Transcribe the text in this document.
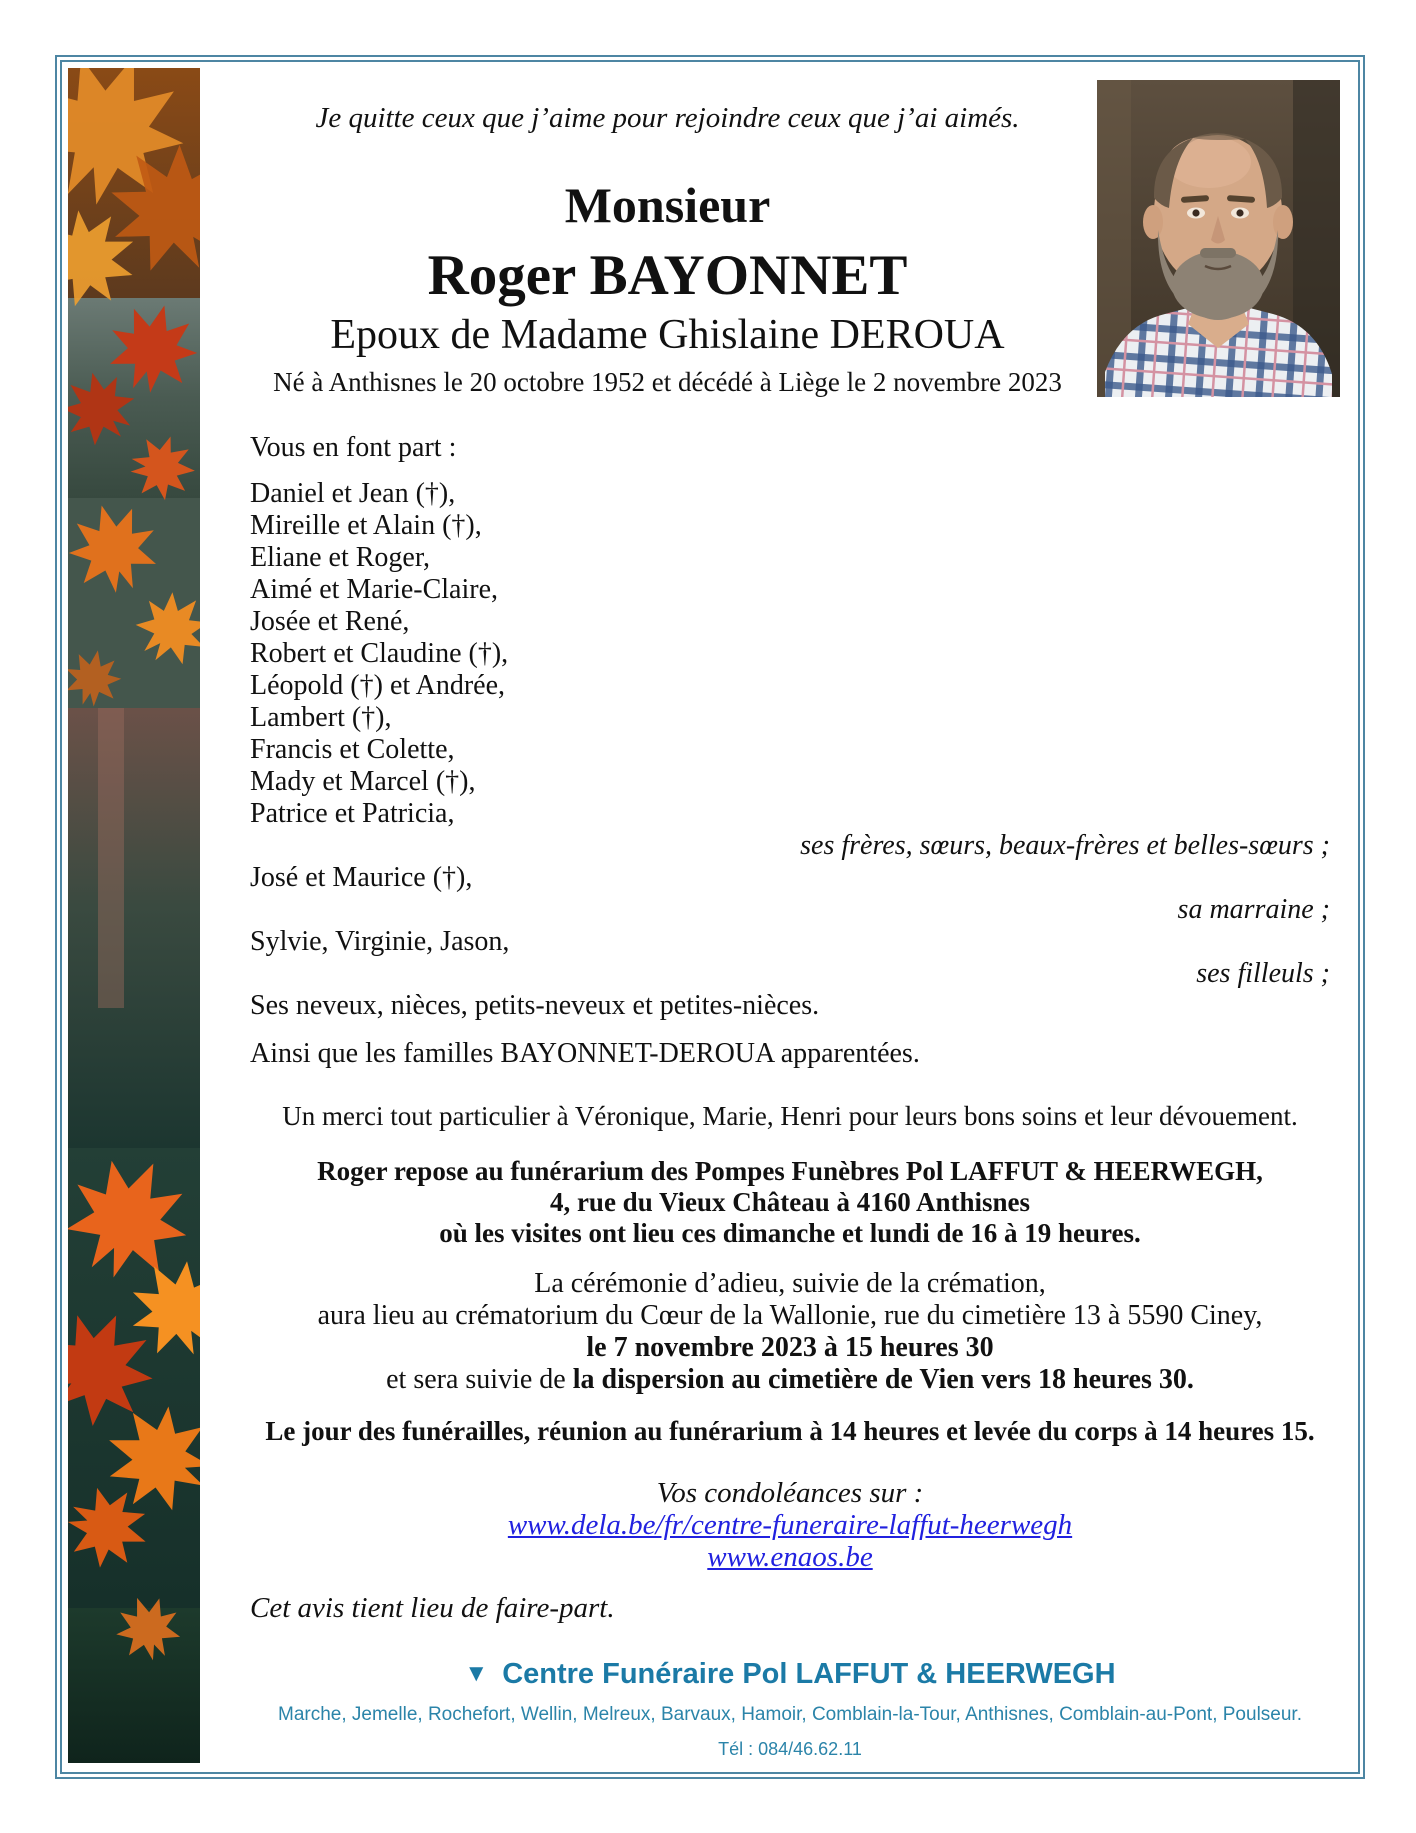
Je quitte ceux que j’aime pour rejoindre ceux que j’ai aimés.
Monsieur
Roger BAYONNET
Epoux de Madame Ghislaine DEROUA
Né à Anthisnes le 20 octobre 1952 et décédé à Liège le 2 novembre 2023
Vous en font part :
Daniel et Jean (†),
Mireille et Alain (†),
Eliane et Roger,
Aimé et Marie-Claire,
Josée et René,
Robert et Claudine (†),
Léopold (†) et Andrée,
Lambert (†),
Francis et Colette,
Mady et Marcel (†),
Patrice et Patricia,
ses frères, sœurs, beaux-frères et belles-sœurs ;
José et Maurice (†),
sa marraine ;
Sylvie, Virginie, Jason,
ses filleuls ;
Ses neveux, nièces, petits-neveux et petites-nièces.
Ainsi que les familles BAYONNET-DEROUA apparentées.
Un merci tout particulier à Véronique, Marie, Henri pour leurs bons soins et leur dévouement.
Roger repose au funérarium des Pompes Funèbres Pol LAFFUT & HEERWEGH,
4, rue du Vieux Château à 4160 Anthisnes
où les visites ont lieu ces dimanche et lundi de 16 à 19 heures.
La cérémonie d’adieu, suivie de la crémation,
aura lieu au crématorium du Cœur de la Wallonie, rue du cimetière 13 à 5590 Ciney,
le 7 novembre 2023 à 15 heures 30
et sera suivie de la dispersion au cimetière de Vien vers 18 heures 30.
Le jour des funérailles, réunion au funérarium à 14 heures et levée du corps à 14 heures 15.
Vos condoléances sur :
www.dela.be/fr/centre-funeraire-laffut-heerwegh
www.enaos.be
Cet avis tient lieu de faire-part.
▼ Centre Funéraire Pol LAFFUT & HEERWEGH
Marche, Jemelle, Rochefort, Wellin, Melreux, Barvaux, Hamoir, Comblain-la-Tour, Anthisnes, Comblain-au-Pont, Poulseur.
Tél : 084/46.62.11
